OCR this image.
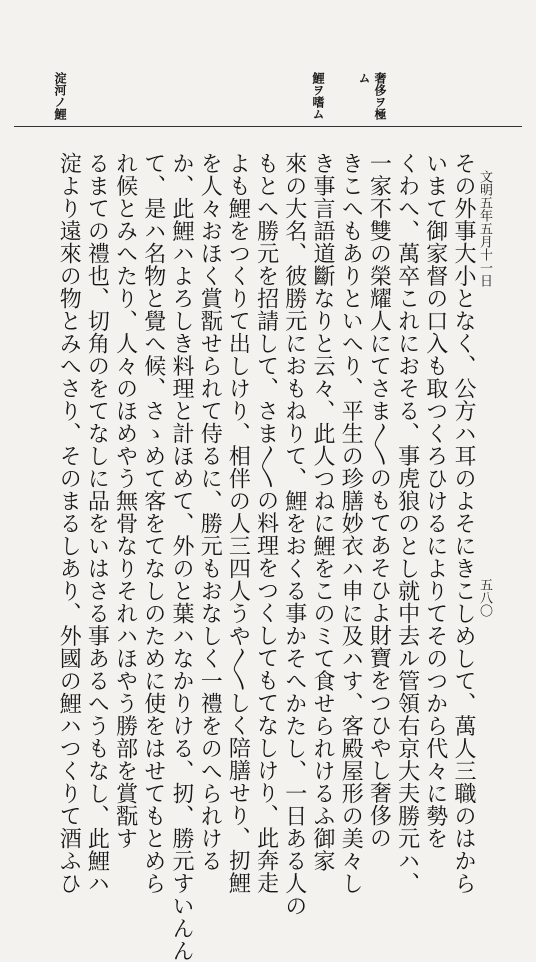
奢侈ヲ極
ム
鯉ヲ嗜ム
淀河ノ鯉
文明五年五月十一日
五八〇
その外事大小となく、公方ハ耳のよそにきこしめして、萬人三職のはから
いまて御家督の口入も取つくろひけるによりてそのつから代々に勢を
くわへ、萬卒これにおそる、事虎狼のとし就中去ル管領右京大夫勝元ハ、
一家不雙の榮耀人にてさま〳〵のもてあそひよ財寶をつひやし奢侈の
きこへもありといへり、平生の珍膳妙衣ハ申に及ハす、客殿屋形の美々し
き事言語道斷なりと云々、此人つねに鯉をこのミて食せられけるふ御家
來の大名、彼勝元におもねりて、鯉をおくる事かそへかたし、一日ある人の
もとへ勝元を招請して、さま〳〵の料理をつくしてもてなしけり、此奔走
よも鯉をつくりて出しけり、相伴の人三四人うや〳〵しく陪膳せり、扨鯉
を人々おほく賞翫せられて侍るに、勝元もおなしく一禮をのへられける
か、此鯉ハよろしき料理と計ほめて、外のと葉ハなかりける、扨、勝元すいんん
て、是ハ名物と覺へ候、さゝめて客をてなしのために使をはせてもとめら
れ候とみへたり、人々のほめやう無骨なりそれハほやう勝部を賞翫す
るまての禮也、切角のをてなしに品をいはさる事あるへうもなし、此鯉ハ
淀より遠來の物とみへさり、そのまるしあり、外國の鯉ハつくりて酒ふひ
